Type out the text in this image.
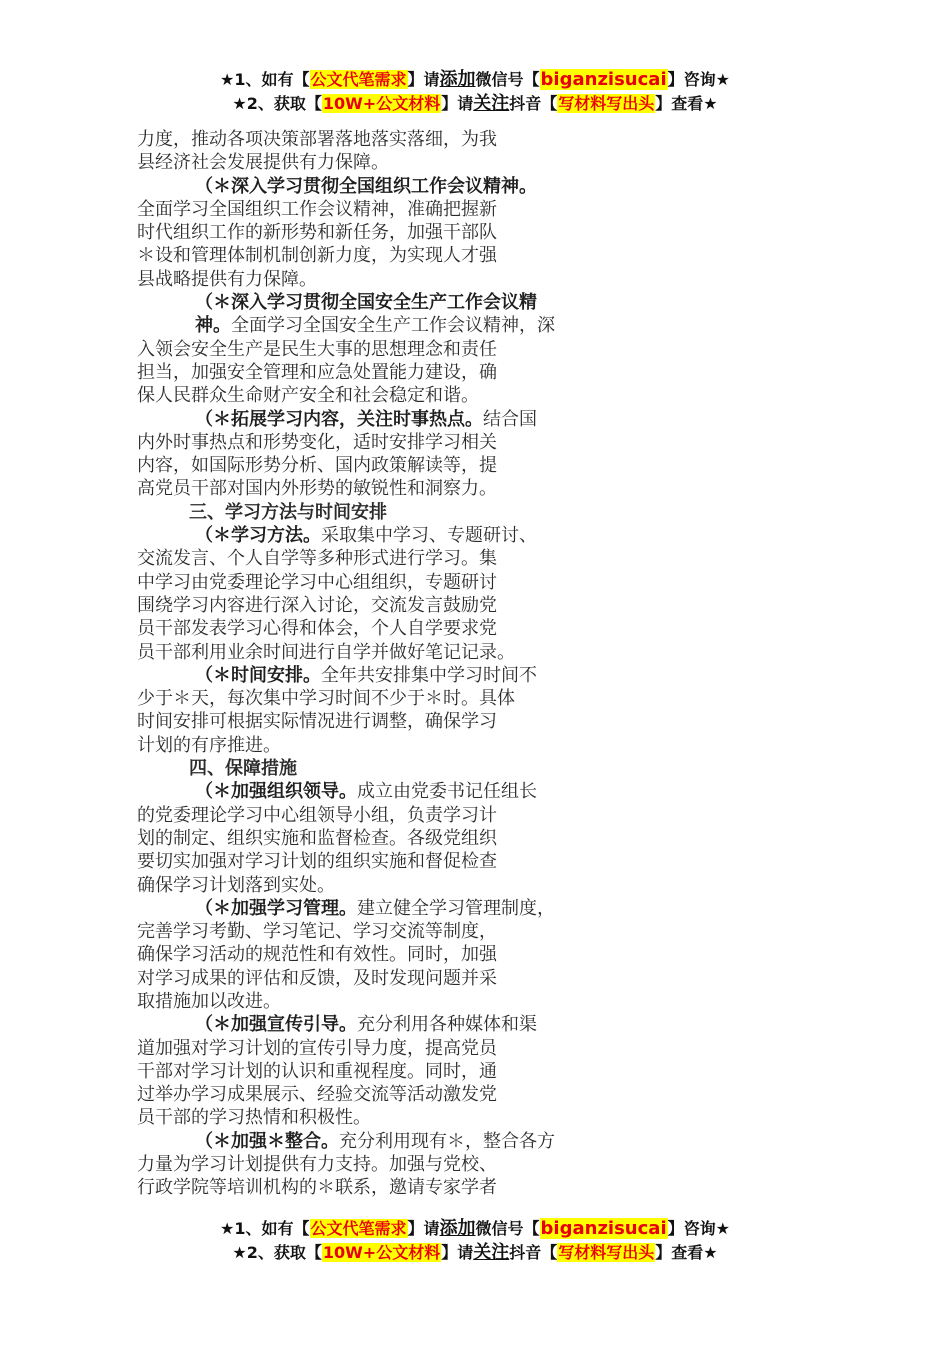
★1、如有【公文代笔需求】请添加微信号【biganzisucai】咨询★
★2、获取【10W+公文材料】请关注抖音【写材料写出头】查看★
力度，推动各项决策部署落地落实落细，为我
县经济社会发展提供有力保障。
（＊深入学习贯彻全国组织工作会议精神。
全面学习全国组织工作会议精神，准确把握新
时代组织工作的新形势和新任务，加强干部队
＊设和管理体制机制创新力度，为实现人才强
县战略提供有力保障。
（＊深入学习贯彻全国安全生产工作会议精
神。全面学习全国安全生产工作会议精神，深
入领会安全生产是民生大事的思想理念和责任
担当，加强安全管理和应急处置能力建设，确
保人民群众生命财产安全和社会稳定和谐。
（＊拓展学习内容，关注时事热点。结合国
内外时事热点和形势变化，适时安排学习相关
内容，如国际形势分析、国内政策解读等，提
高党员干部对国内外形势的敏锐性和洞察力。
三、学习方法与时间安排
（＊学习方法。采取集中学习、专题研讨、
交流发言、个人自学等多种形式进行学习。集
中学习由党委理论学习中心组组织，专题研讨
围绕学习内容进行深入讨论，交流发言鼓励党
员干部发表学习心得和体会，个人自学要求党
员干部利用业余时间进行自学并做好笔记记录。
（＊时间安排。全年共安排集中学习时间不
少于＊天，每次集中学习时间不少于＊时。具体
时间安排可根据实际情况进行调整，确保学习
计划的有序推进。
四、保障措施
（＊加强组织领导。成立由党委书记任组长
的党委理论学习中心组领导小组，负责学习计
划的制定、组织实施和监督检查。各级党组织
要切实加强对学习计划的组织实施和督促检查
确保学习计划落到实处。
（＊加强学习管理。建立健全学习管理制度，
完善学习考勤、学习笔记、学习交流等制度，
确保学习活动的规范性和有效性。同时，加强
对学习成果的评估和反馈，及时发现问题并采
取措施加以改进。
（＊加强宣传引导。充分利用各种媒体和渠
道加强对学习计划的宣传引导力度，提高党员
干部对学习计划的认识和重视程度。同时，通
过举办学习成果展示、经验交流等活动激发党
员干部的学习热情和积极性。
（＊加强＊整合。充分利用现有＊，整合各方
力量为学习计划提供有力支持。加强与党校、
行政学院等培训机构的＊联系，邀请专家学者
★1、如有【公文代笔需求】请添加微信号【biganzisucai】咨询★
★2、获取【10W+公文材料】请关注抖音【写材料写出头】查看★
